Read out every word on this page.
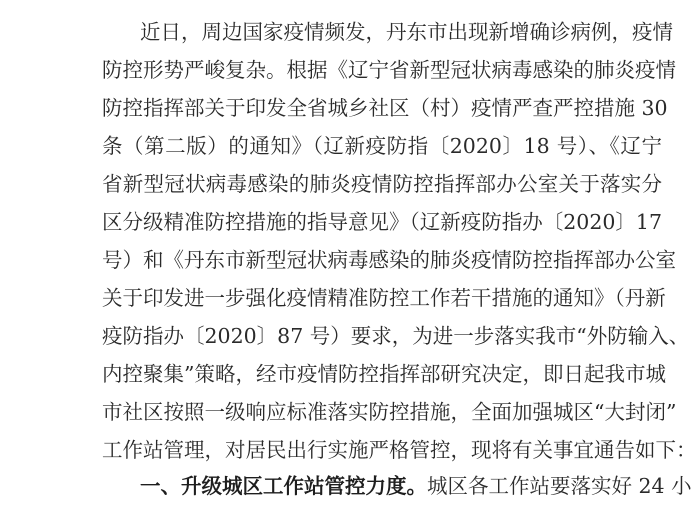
近日，周边国家疫情频发，丹东市出现新增确诊病例，疫情
防控形势严峻复杂。根据《辽宁省新型冠状病毒感染的肺炎疫情
防控指挥部关于印发全省城乡社区（村）疫情严查严控措施 30
条（第二版）的通知》（辽新疫防指〔2020〕18 号）、《辽宁
省新型冠状病毒感染的肺炎疫情防控指挥部办公室关于落实分
区分级精准防控措施的指导意见》（辽新疫防指办〔2020〕17
号）和《丹东市新型冠状病毒感染的肺炎疫情防控指挥部办公室
关于印发进一步强化疫情精准防控工作若干措施的通知》（丹新
疫防指办〔2020〕87 号）要求，为进一步落实我市“外防输入、
内控聚集”策略，经市疫情防控指挥部研究决定，即日起我市城
市社区按照一级响应标准落实防控措施，全面加强城区“大封闭”
工作站管理，对居民出行实施严格管控，现将有关事宜通告如下：
一、升级城区工作站管控力度。城区各工作站要落实好 24 小
